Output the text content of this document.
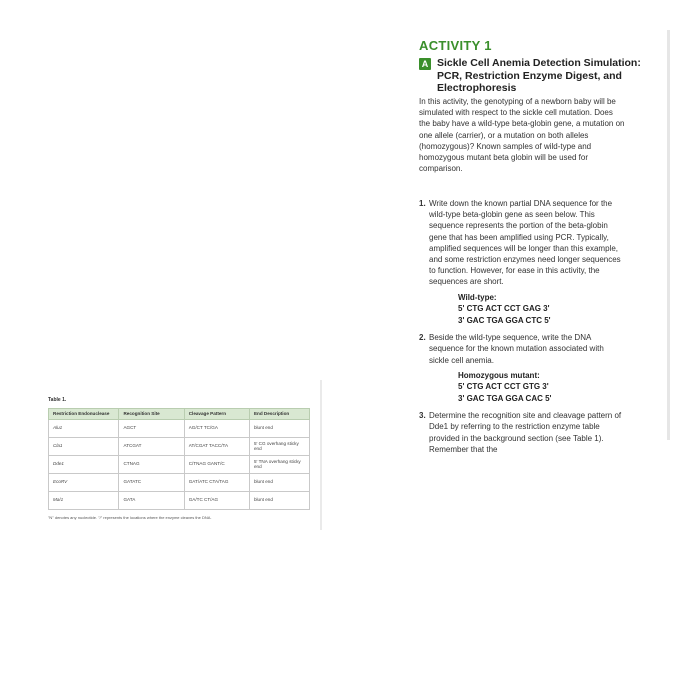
ACTIVITY 1
A Sickle Cell Anemia Detection Simulation: PCR, Restriction Enzyme Digest, and Electrophoresis
In this activity, the genotyping of a newborn baby will be simulated with respect to the sickle cell mutation. Does the baby have a wild-type beta-globin gene, a mutation on one allele (carrier), or a mutation on both alleles (homozygous)? Known samples of wild-type and homozygous mutant beta globin will be used for comparison.
1. Write down the known partial DNA sequence for the wild-type beta-globin gene as seen below. This sequence represents the portion of the beta-globin gene that has been amplified using PCR. Typically, amplified sequences will be longer than this example, and some restriction enzymes need longer sequences to function. However, for ease in this activity, the sequences are short.
Wild-type:
5' CTG ACT CCT GAG 3'
3' GAC TGA GGA CTC 5'
2. Beside the wild-type sequence, write the DNA sequence for the known mutation associated with sickle cell anemia.
Homozygous mutant:
5' CTG ACT CCT GTG 3'
3' GAC TGA GGA CAC 5'
3. Determine the recognition site and cleavage pattern of Dde1 by referring to the restriction enzyme table provided in the background section (see Table 1). Remember that the
Table 1.
Restriction Endonuclease	Recognition Site	Cleavage Pattern	End Description
Alu1	AGCT	AG/CT TC/GA	blunt end
Cla1	ATCGAT	AT/CGAT TACC/TA	5' CG overhang sticky end
Dde1	CTNAG	C/TNAG GANT/C	5' TNA overhang sticky end
EcoRV	GATATC	GAT/ATC CTA/TAG	blunt end
Ma/1	GATA	GA/TC CT/AG	blunt end
"N" denotes any nucleotide. "/" represents the locations where the enzyme cleaves the DNA.
